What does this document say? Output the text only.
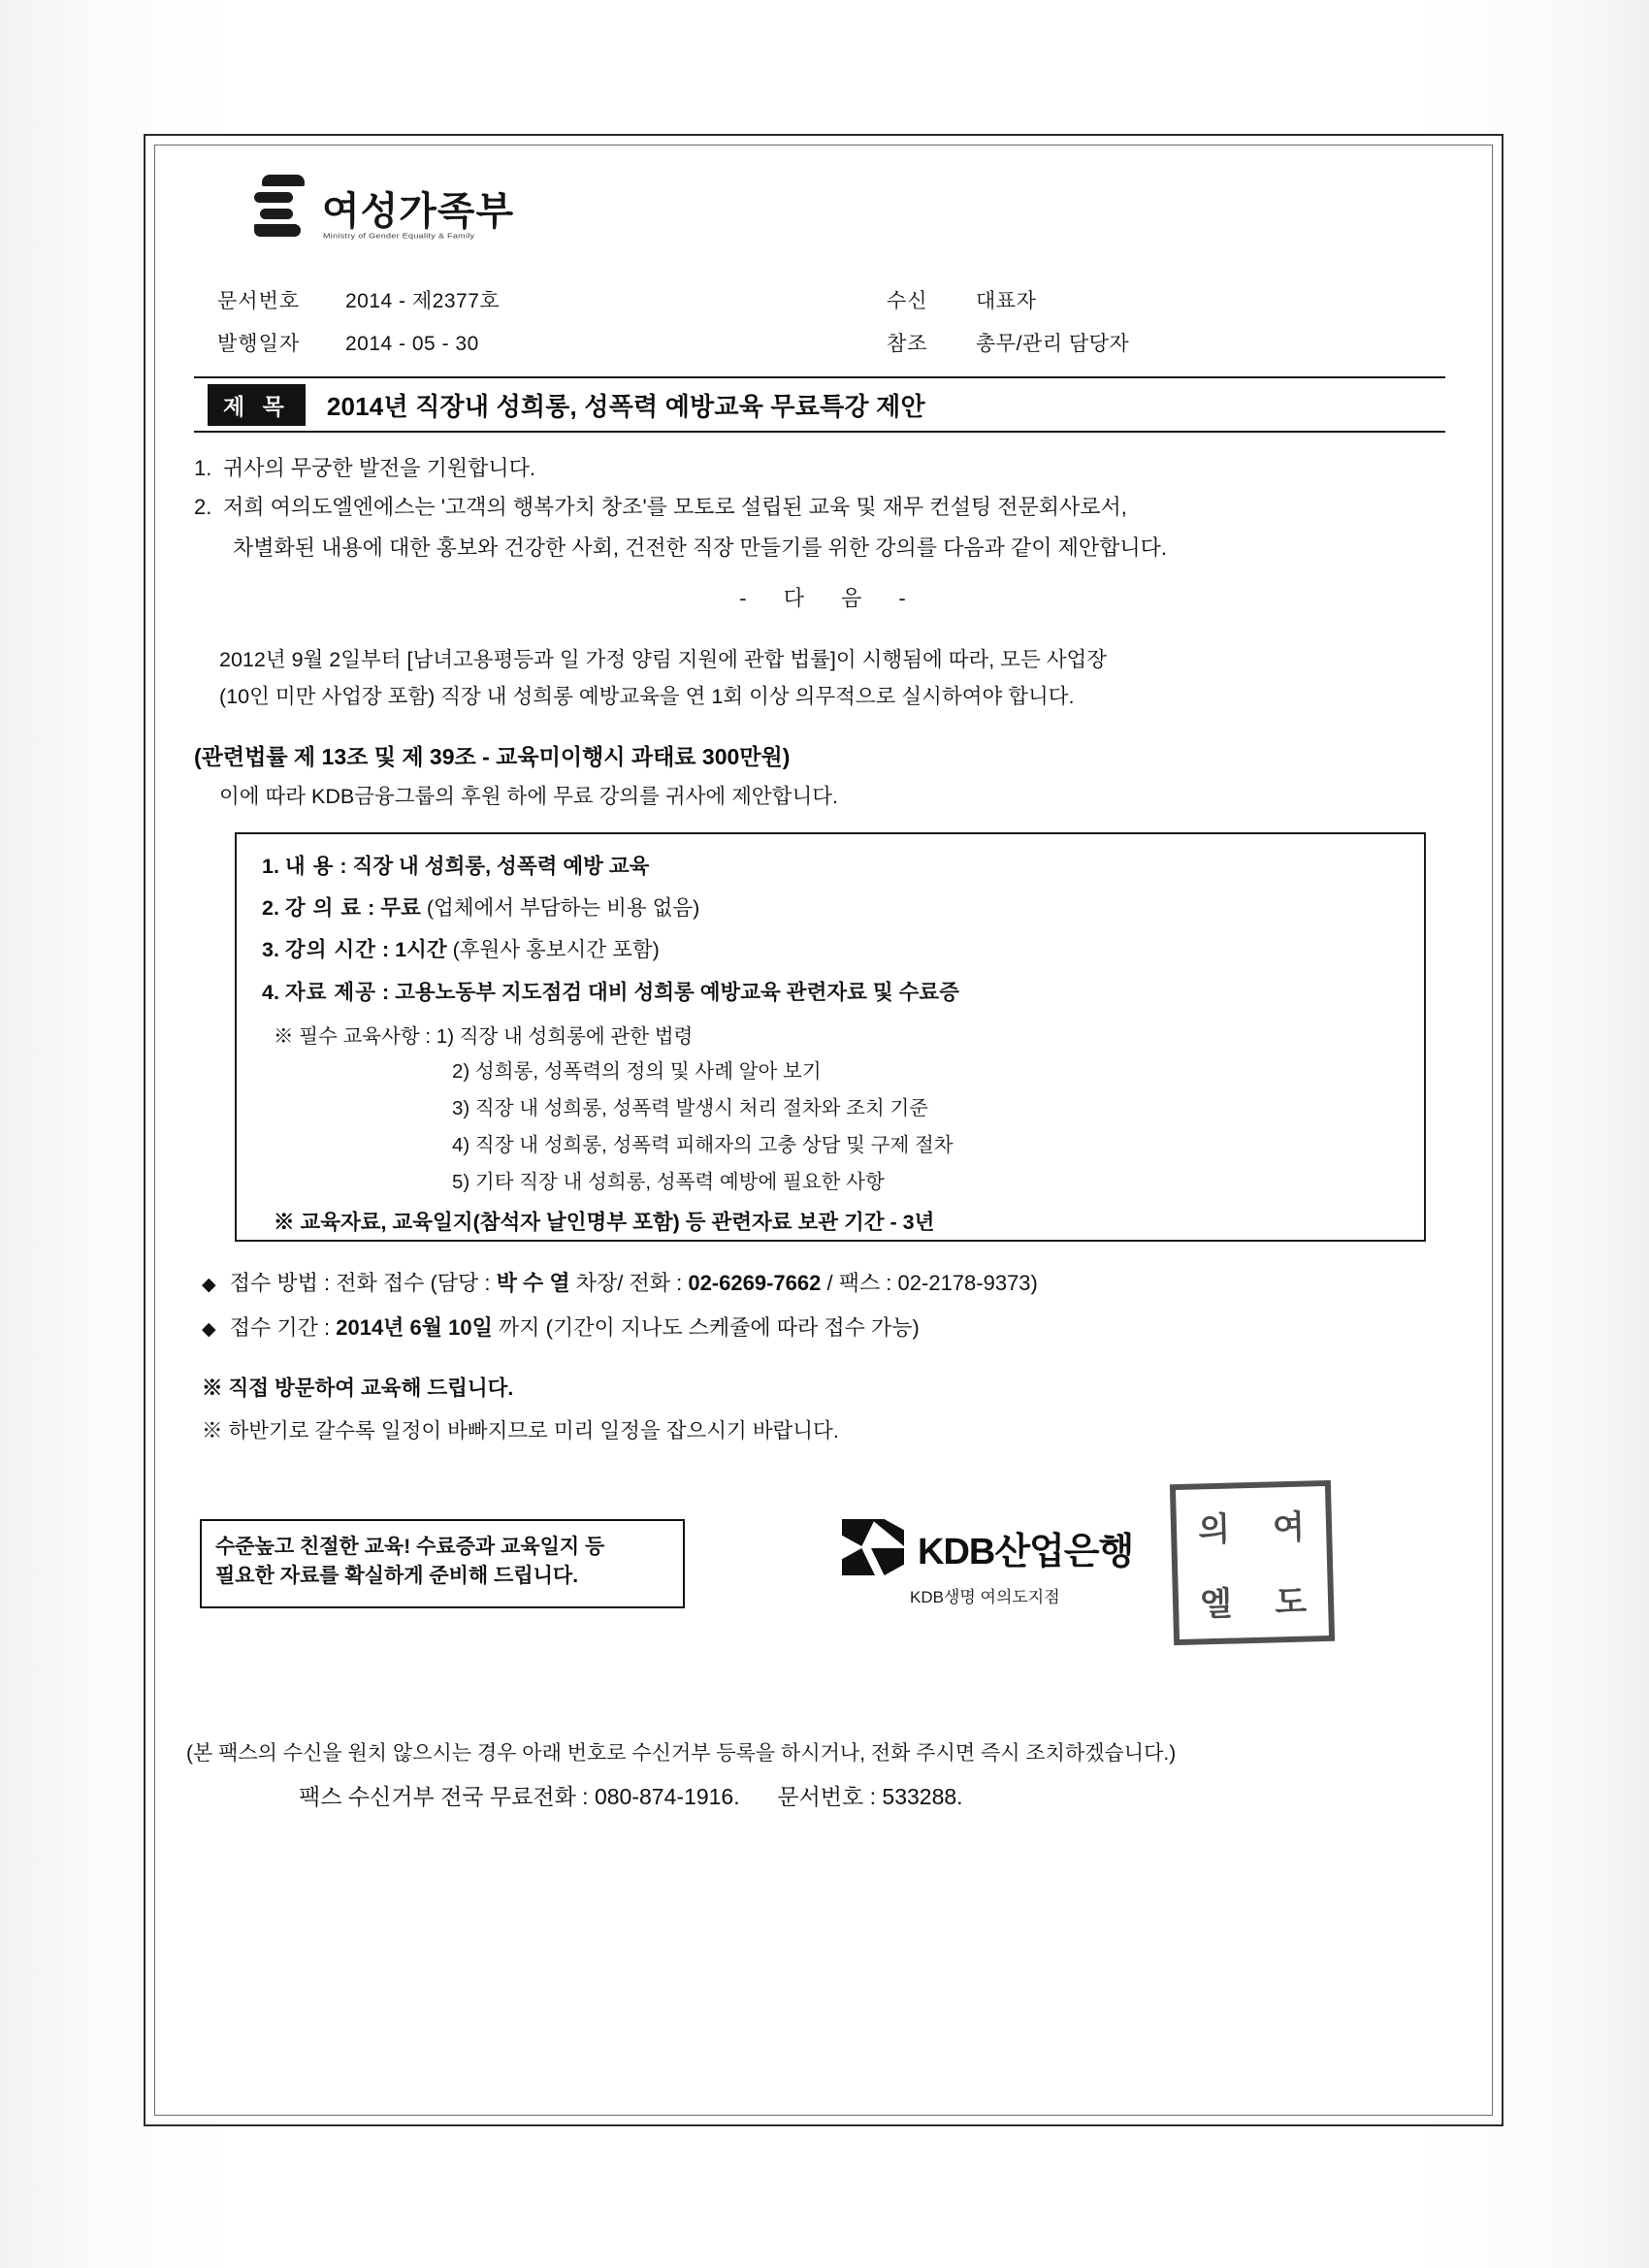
여성가족부
Ministry of Gender Equality & Family
문서번호	2014 - 제2377호
발행일자	2014 - 05 - 30
수신	대표자
참조	총무/관리 담당자
제 목	2014년 직장내 성희롱, 성폭력 예방교육 무료특강 제안
1. 귀사의 무궁한 발전을 기원합니다.
2. 저희 여의도엘엔에스는 '고객의 행복가치 창조'를 모토로 설립된 교육 및 재무 컨설팅 전문회사로서,
차별화된 내용에 대한 홍보와 건강한 사회, 건전한 직장 만들기를 위한 강의를 다음과 같이 제안합니다.
- 다 음 -
2012년 9월 2일부터 [남녀고용평등과 일 가정 양림 지원에 관합 법률]이 시행됨에 따라, 모든 사업장
(10인 미만 사업장 포함) 직장 내 성희롱 예방교육을 연 1회 이상 의무적으로 실시하여야 합니다.
(관련법률 제 13조 및 제 39조 - 교육미이행시 과태료 300만원)
이에 따라 KDB금융그룹의 후원 하에 무료 강의를 귀사에 제안합니다.
1. 내 용 : 직장 내 성희롱, 성폭력 예방 교육
2. 강 의 료 : 무료 (업체에서 부담하는 비용 없음)
3. 강의 시간 : 1시간 (후원사 홍보시간 포함)
4. 자료 제공 : 고용노동부 지도점검 대비 성희롱 예방교육 관련자료 및 수료증
※ 필수 교육사항 : 1) 직장 내 성희롱에 관한 법령
2) 성희롱, 성폭력의 정의 및 사례 알아 보기
3) 직장 내 성희롱, 성폭력 발생시 처리 절차와 조치 기준
4) 직장 내 성희롱, 성폭력 피해자의 고충 상담 및 구제 절차
5) 기타 직장 내 성희롱, 성폭력 예방에 필요한 사항
※ 교육자료, 교육일지(참석자 날인명부 포함) 등 관련자료 보관 기간 - 3년
◆ 접수 방법 : 전화 접수 (담당 : 박 수 열 차장/ 전화 : 02-6269-7662 / 팩스 : 02-2178-9373)
◆ 접수 기간 : 2014년 6월 10일 까지 (기간이 지나도 스케쥴에 따라 접수 가능)
※ 직접 방문하여 교육해 드립니다.
※ 하반기로 갈수록 일정이 바빠지므로 미리 일정을 잡으시기 바랍니다.
수준높고 친절한 교육! 수료증과 교육일지 등
필요한 자료를 확실하게 준비해 드립니다.
KDB산업은행
KDB생명 여의도지점
의 여
엘 도
(본 팩스의 수신을 원치 않으시는 경우 아래 번호로 수신거부 등록을 하시거나, 전화 주시면 즉시 조치하겠습니다.)
팩스 수신거부 전국 무료전화 : 080-874-1916. 문서번호 : 533288.
